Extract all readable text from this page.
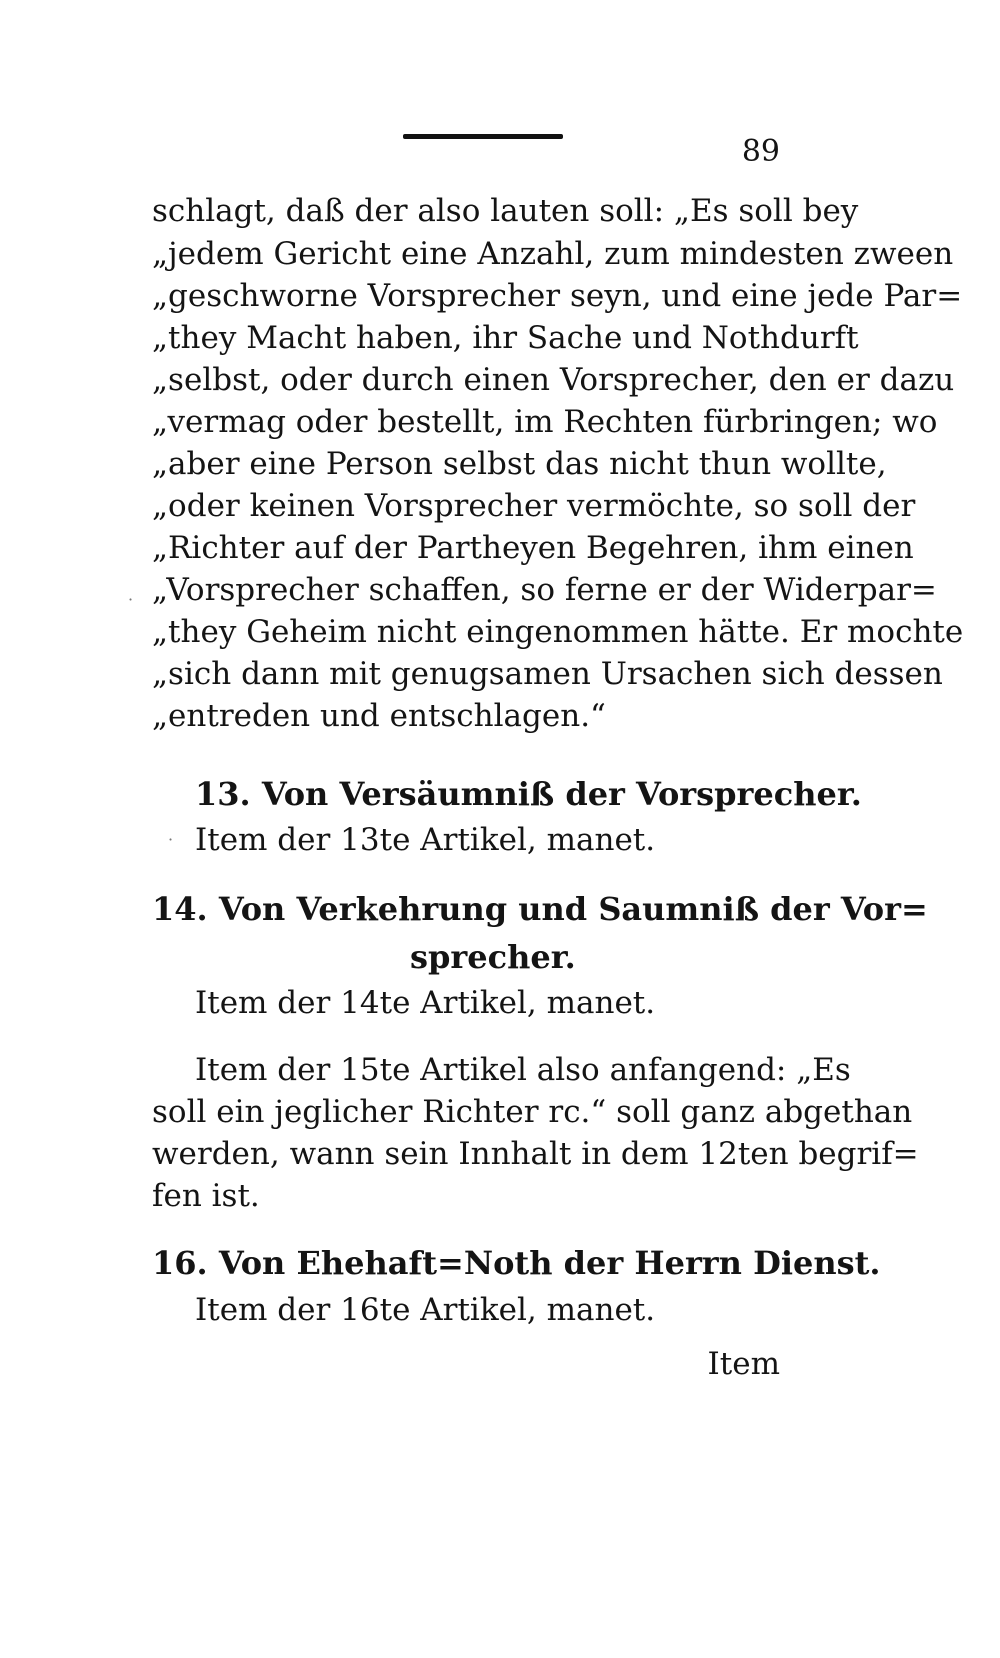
89
schlagt, daß der also lauten soll: „Es soll bey
„jedem Gericht eine Anzahl, zum mindesten zween
„geschworne Vorsprecher seyn, und eine jede Par=
„they Macht haben, ihr Sache und Nothdurft
„selbst, oder durch einen Vorsprecher, den er dazu
„vermag oder bestellt, im Rechten fürbringen; wo
„aber eine Person selbst das nicht thun wollte,
„oder keinen Vorsprecher vermöchte, so soll der
„Richter auf der Partheyen Begehren, ihm einen
„Vorsprecher schaffen, so ferne er der Widerpar=
„they Geheim nicht eingenommen hätte. Er mochte
„sich dann mit genugsamen Ursachen sich dessen
„entreden und entschlagen.“
·
13. Von Versäumniß der Vorsprecher.
Item der 13te Artikel, manet.
·
14. Von Verkehrung und Saumniß der Vor=
sprecher.
Item der 14te Artikel, manet.
Item der 15te Artikel also anfangend: „Es
soll ein jeglicher Richter rc.“ soll ganz abgethan
werden, wann sein Innhalt in dem 12ten begrif=
fen ist.
16. Von Ehehaft=Noth der Herrn Dienst.
Item der 16te Artikel, manet.
Item
